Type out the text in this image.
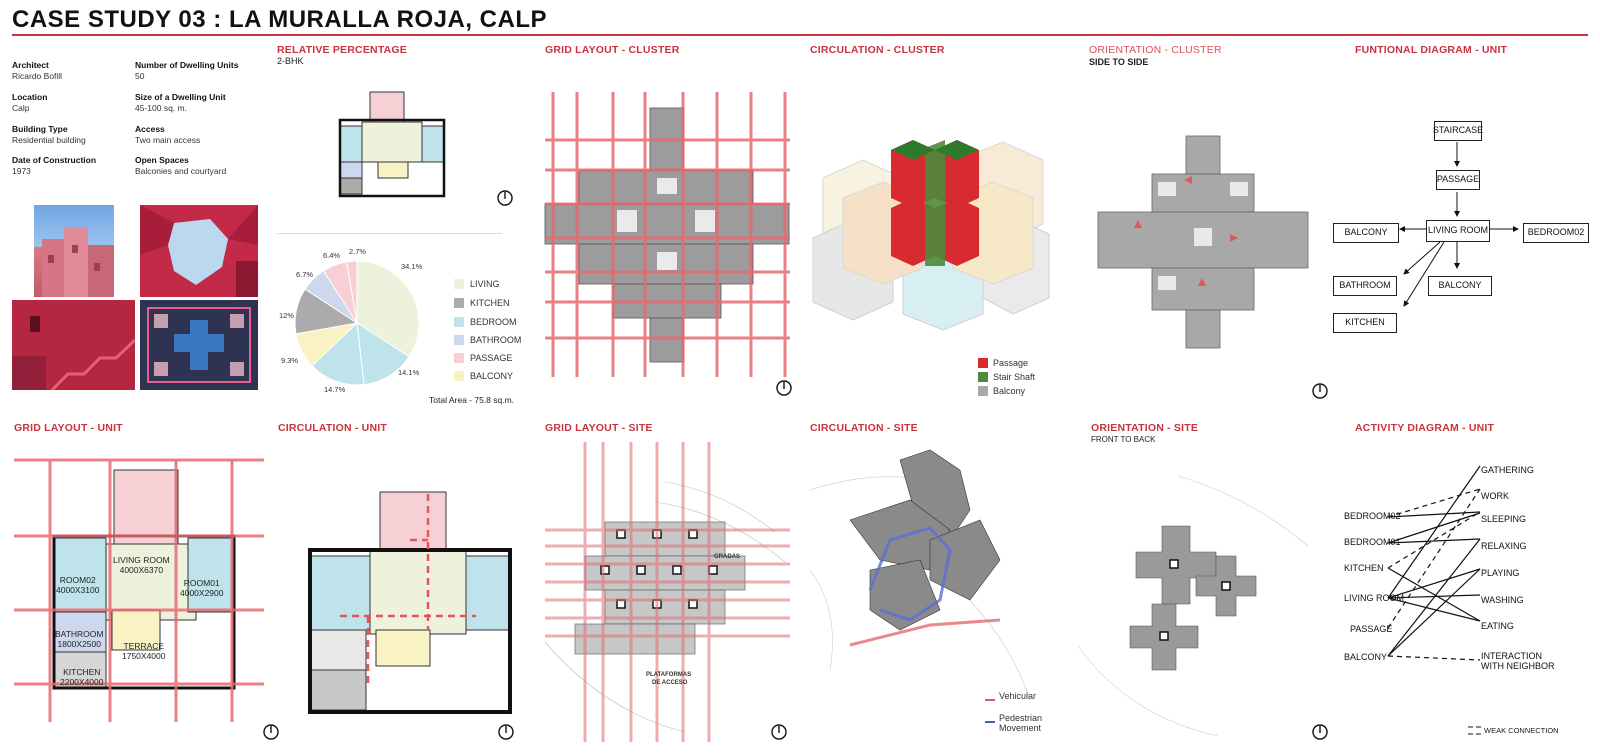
CASE STUDY 03 : LA MURALLA ROJA, CALP
Architect
Ricardo Bofill
Number of Dwelling Units
50
Location
Calp
Size of a Dwelling Unit
45-100 sq. m.
Building Type
Residential building
Access
Two main access
Date of Construction
1973
Open Spaces
Balconies and courtyard
RELATIVE PERCENTAGE
2-BHK
34.1%
14.1%
14.7%
9.3%
12%
6.7%
6.4% 2.7%
LIVING
KITCHEN
BEDROOM
BATHROOM
PASSAGE
BALCONY
Total Area - 75.8 sq.m.
GRID LAYOUT - CLUSTER	CIRCULATION - CLUSTER
Passage
Stair Shaft
Balcony
ORIENTATION - CLUSTER
SIDE TO SIDE
FUNTIONAL DIAGRAM - UNIT
STAIRCASE
PASSAGE
LIVING ROOM
BALCONY	BEDROOM02
BATHROOM	BALCONY
KITCHEN
GRID LAYOUT - UNIT
LIVING ROOM
4000X6370
ROOM02
4000X3100
ROOM01
4000X2900
BATHROOM
1800X2500	TERRACE
1750X4000
KITCHEN
2200X4000
CIRCULATION - UNIT	GRID LAYOUT - SITE
GRADAS
PLATAFORMAS
DE ACCESO
CIRCULATION - SITE
Vehicular
Pedestrian Movement
ORIENTATION - SITE
FRONT TO BACK
ACTIVITY DIAGRAM - UNIT
BEDROOM02
BEDROOM01
KITCHEN
LIVING ROOM
PASSAGE
BALCONY
GATHERING
WORK
SLEEPING
RELAXING
PLAYING
WASHING
EATING
INTERACTION WITH NEIGHBOR
WEAK CONNECTION
